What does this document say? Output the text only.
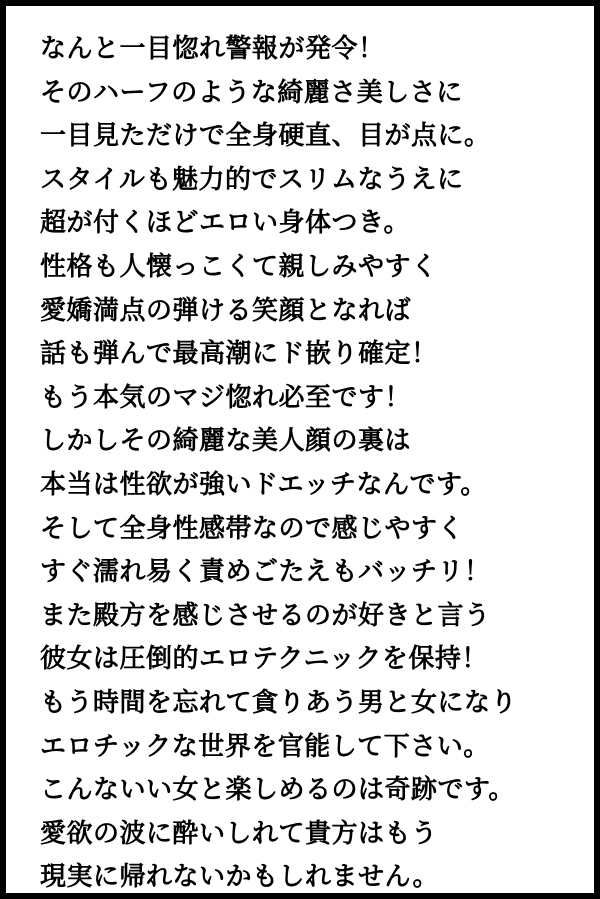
なんと一目惚れ警報が発令！
そのハーフのような綺麗さ美しさに
一目見ただけで全身硬直、目が点に。
スタイルも魅力的でスリムなうえに
超が付くほどエロい身体つき。
性格も人懐っこくて親しみやすく
愛嬌満点の弾ける笑顔となれば
話も弾んで最高潮にド嵌り確定！
もう本気のマジ惚れ必至です！
しかしその綺麗な美人顔の裏は
本当は性欲が強いドエッチなんです。
そして全身性感帯なので感じやすく
すぐ濡れ易く責めごたえもバッチリ！
また殿方を感じさせるのが好きと言う
彼女は圧倒的エロテクニックを保持！
もう時間を忘れて貪りあう男と女になり
エロチックな世界を官能して下さい。
こんないい女と楽しめるのは奇跡です。
愛欲の波に酔いしれて貴方はもう
現実に帰れないかもしれません。
